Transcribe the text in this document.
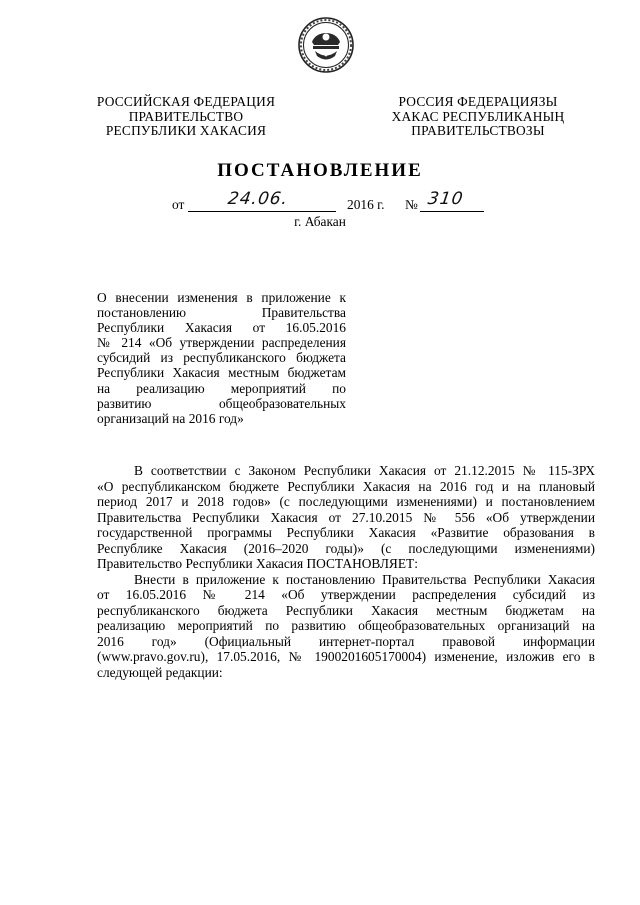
РОССИЙСКАЯ ФЕДЕРАЦИЯ
ПРАВИТЕЛЬСТВО
РЕСПУБЛИКИ ХАКАСИЯ
РОССИЯ ФЕДЕРАЦИЯЗЫ
ХАКАС РЕСПУБЛИКАНЫҢ
ПРАВИТЕЛЬСТВОЗЫ
ПОСТАНОВЛЕНИЕ
от 24.06.	2016 г. № 310
г. Абакан
О внесении изменения в приложение к
постановлению Правительства
Республики Хакасия от 16.05.2016
№ 214 «Об утверждении распределения
субсидий из республиканского бюджета
Республики Хакасия местным бюджетам
на реализацию мероприятий по
развитию общеобразовательных
организаций на 2016 год»
В соответствии с Законом Республики Хакасия от 21.12.2015 № 115-ЗРХ
«О республиканском бюджете Республики Хакасия на 2016 год и на плановый
период 2017 и 2018 годов» (с последующими изменениями) и постановлением
Правительства Республики Хакасия от 27.10.2015 № 556 «Об утверждении
государственной программы Республики Хакасия «Развитие образования в
Республике Хакасия (2016–2020 годы)» (с последующими изменениями)
Правительство Республики Хакасия ПОСТАНОВЛЯЕТ:
Внести в приложение к постановлению Правительства Республики Хакасия
от 16.05.2016 № 214 «Об утверждении распределения субсидий из
республиканского бюджета Республики Хакасия местным бюджетам на
реализацию мероприятий по развитию общеобразовательных организаций на
2016 год» (Официальный интернет-портал правовой информации
(www.pravo.gov.ru), 17.05.2016, № 1900201605170004) изменение, изложив его в
следующей редакции:
